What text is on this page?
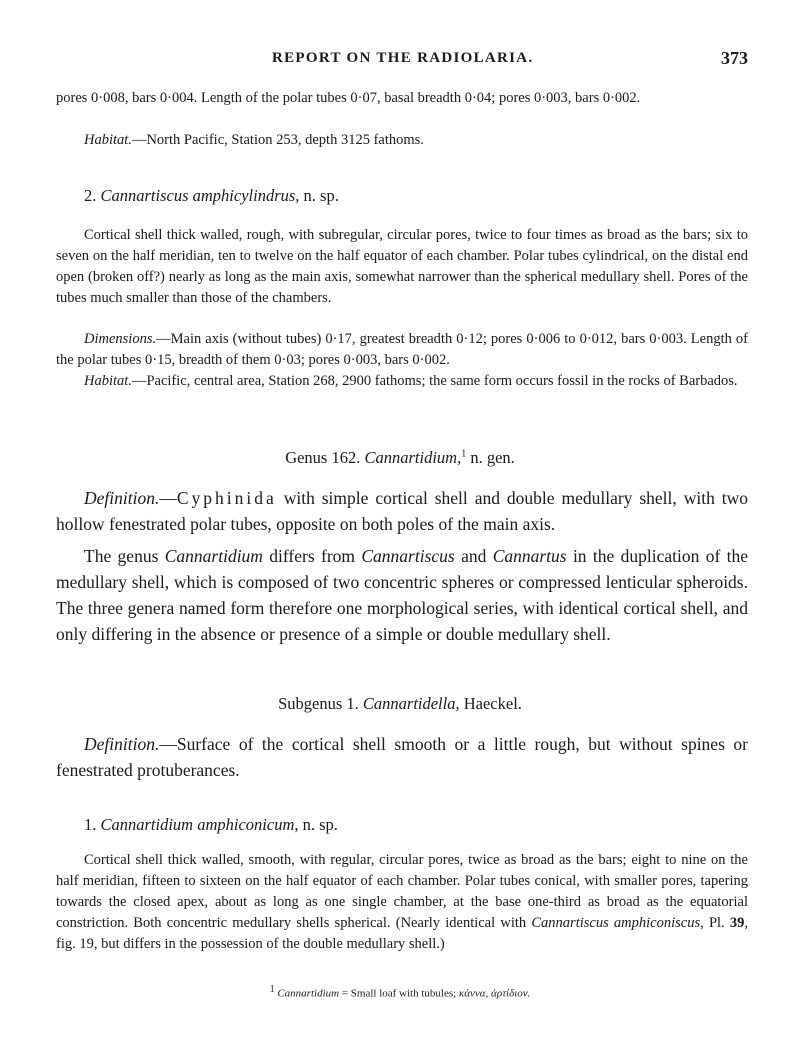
REPORT ON THE RADIOLARIA.	373
pores 0·008, bars 0·004. Length of the polar tubes 0·07, basal breadth 0·04; pores 0·003, bars 0·002.
Habitat.—North Pacific, Station 253, depth 3125 fathoms.
2. Cannartiscus amphicylindrus, n. sp.
Cortical shell thick walled, rough, with subregular, circular pores, twice to four times as broad as the bars; six to seven on the half meridian, ten to twelve on the half equator of each chamber. Polar tubes cylindrical, on the distal end open (broken off?) nearly as long as the main axis, somewhat narrower than the spherical medullary shell. Pores of the tubes much smaller than those of the chambers.
Dimensions.—Main axis (without tubes) 0·17, greatest breadth 0·12; pores 0·006 to 0·012, bars 0·003. Length of the polar tubes 0·15, breadth of them 0·03; pores 0·003, bars 0·002.
Habitat.—Pacific, central area, Station 268, 2900 fathoms; the same form occurs fossil in the rocks of Barbados.
Genus 162. Cannartidium,$^1$ n. gen.
Definition.—Cyphinida with simple cortical shell and double medullary shell, with two hollow fenestrated polar tubes, opposite on both poles of the main axis.
The genus Cannartidium differs from Cannartiscus and Cannartus in the duplication of the medullary shell, which is composed of two concentric spheres or compressed lenticular spheroids. The three genera named form therefore one morphological series, with identical cortical shell, and only differing in the absence or presence of a simple or double medullary shell.
Subgenus 1. Cannartidella, Haeckel.
Definition.—Surface of the cortical shell smooth or a little rough, but without spines or fenestrated protuberances.
1. Cannartidium amphiconicum, n. sp.
Cortical shell thick walled, smooth, with regular, circular pores, twice as broad as the bars; eight to nine on the half meridian, fifteen to sixteen on the half equator of each chamber. Polar tubes conical, with smaller pores, tapering towards the closed apex, about as long as one single chamber, at the base one-third as broad as the equatorial constriction. Both concentric medullary shells spherical. (Nearly identical with Cannartiscus amphiconiscus, Pl. 39, fig. 19, but differs in the possession of the double medullary shell.)
$^1$ Cannartidium = Small loaf with tubules; κάννα, ἀρτίδιον.
